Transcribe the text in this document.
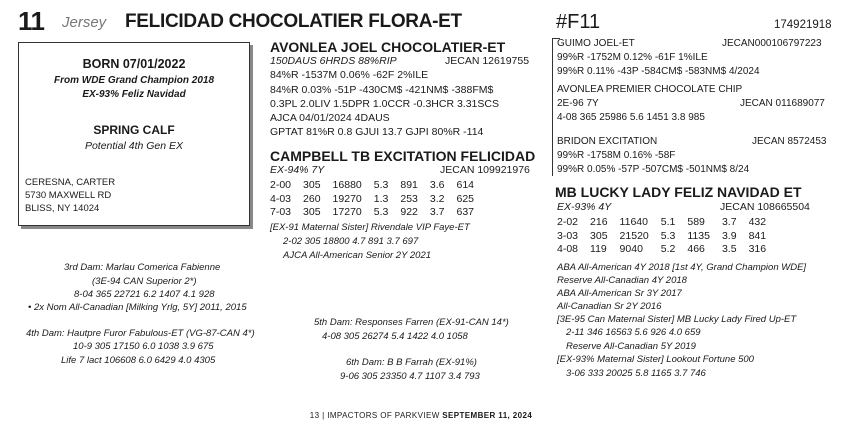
11 Jersey FELICIDAD CHOCOLATIER FLORA-ET	#F11	174921918
BORN 07/01/2022
From WDE Grand Champion 2018
EX-93% Feliz Navidad
SPRING CALF
Potential 4th Gen EX
CERESNA, CARTER
5730 MAXWELL RD
BLISS, NY 14024
AVONLEA JOEL CHOCOLATIER-ET
150DAUS 6HRDS 88%RIP	JECAN 12619755
84%R -1537M 0.06% -62F 2%ILE
84%R 0.03% -51P -430CM$ -421NM$ -388FM$
0.3PL 2.0LIV 1.5DPR 1.0CCR -0.3HCR 3.31SCS
AJCA 04/01/2024 4DAUS
GPTAT 81%R 0.8 GJUI 13.7 GJPI 80%R -114
CAMPBELL TB EXCITATION FELICIDAD
EX-94% 7Y	JECAN 109921976
2-00	305	16880	5.3	891	3.6	614
4-03	260	19270	1.3	253	3.2	625
7-03	305	17270	5.3	922	3.7	637
[EX-91 Maternal Sister] Rivendale VIP Faye-ET
2-02 305 18800 4.7 891 3.7 697
AJCA All-American Senior 2Y 2021
GUIMO JOEL-ET	JECAN000106797223
99%R -1752M 0.12% -61F 1%ILE
99%R 0.11% -43P -584CM$ -583NM$ 4/2024
AVONLEA PREMIER CHOCOLATE CHIP
2E-96 7Y	JECAN 011689077
4-08 365 25986 5.6 1451 3.8 985
BRIDON EXCITATION	JECAN 8572453
99%R -1758M 0.16% -58F
99%R 0.05% -57P -507CM$ -501NM$ 8/24
MB LUCKY LADY FELIZ NAVIDAD ET
EX-93% 4Y	JECAN 108665504
2-02	216	11640	5.1	589	3.7	432
3-03	305	21520	5.3	1135	3.9	841
4-08	119	9040	5.2	466	3.5	316
ABA All-American 4Y 2018 [1st 4Y, Grand Champion WDE]
Reserve All-Canadian 4Y 2018
ABA All-American Sr 3Y 2017
All-Canadian Sr 2Y 2016
[3E-95 Can Maternal Sister] MB Lucky Lady Fired Up-ET
2-11 346 16563 5.6 926 4.0 659
Reserve All-Canadian 5Y 2019
[EX-93% Maternal Sister] Lookout Fortune 500
3-06 333 20025 5.8 1165 3.7 746
3rd Dam: Marlau Comerica Fabienne
(3E-94 CAN Superior 2*)
8-04 365 22721 6.2 1407 4.1 928
• 2x Nom All-Canadian [Milking Yrlg, 5Y] 2011, 2015
4th Dam: Hautpre Furor Fabulous-ET (VG-87-CAN 4*)
10-9 305 17150 6.0 1038 3.9 675
Life 7 lact 106608 6.0 6429 4.0 4305
5th Dam: Responses Farren (EX-91-CAN 14*)
4-08 305 26274 5.4 1422 4.0 1058
6th Dam: B B Farrah (EX-91%)
9-06 305 23350 4.7 1107 3.4 793
13 | IMPACTORS OF PARKVIEW SEPTEMBER 11, 2024
